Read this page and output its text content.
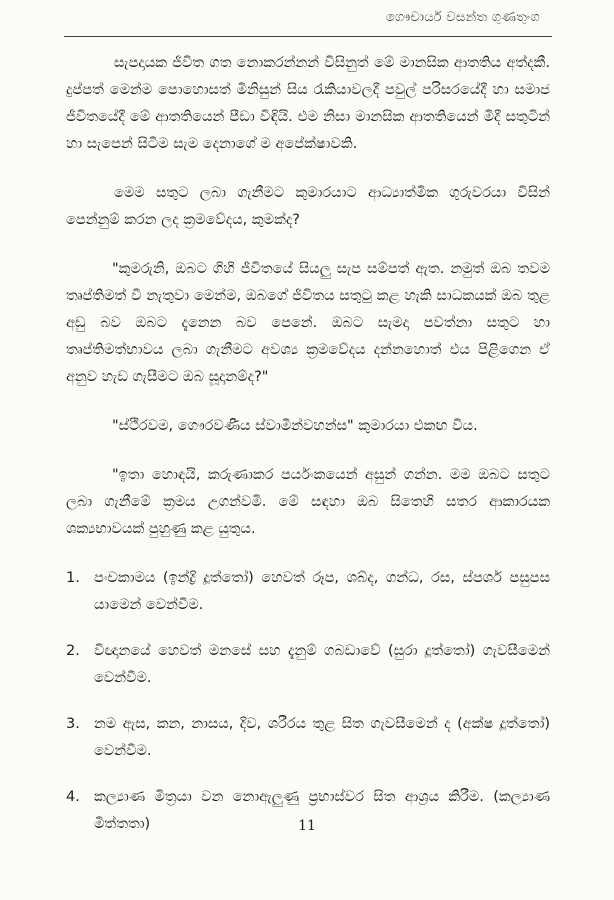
ගෞචාර්ය වසන්ත ගුණතුංග

සැපදායක ජීවිත ගත නොකරන්නන් විසිනුත් මේ මානසික ආතතිය අත්දකී. දුප්පත් මෙන්ම පොහොසත් මිනිසුන් සිය රැකියාවලදී පවුල් පරිසරයේදී හා සමාජ ජීවිතයේදී මේ ආතතියෙන් පීඩා විඳියි. එම නිසා මානසික ආතතියෙන් මිදී සතුටින් හා සැපෙන් සිටීම සැම දෙනාගේ ම අපේක්ෂාවකි.

මෙම සතුට ලබා ගැනීමට කුමාරයාට ආධ්‍යාත්මික ගුරුවරයා විසින් පෙන්නුම් කරන ලද ක්‍රමවේදය, කුමක්ද?

"කුමරුනි, ඔබට ගිහි ජීවිතයේ සියලු සැප සම්පත් ඇත. නමුත් ඔබ තවම තෘප්තිමත් වී නැතුවා මෙන්ම, ඔබගේ ජීවිතය සතුටු කළ හැකි සාධකයක් ඔබ තුළ අඩු බව ඔබට දැනෙන බව පෙනේ. ඔබට සැමදා පවත්නා සතුට හා තෘප්තිමත්භාවය ලබා ගැනීමට අවශ්‍ය ක්‍රමවේදය දන්නහොත් එය පිළිගෙන ඒ අනුව හැඩ ගැසීමට ඔබ සූදානම්ද?"

"ස්ථිරවම, ගෞරවණීය ස්වාමීන්වහන්ස" කුමාරයා එකඟ විය.

"ඉතා හොඳයි, කරුණාකර පර්යංකයෙන් අසුන් ගන්න. මම ඔබට සතුට ලබා ගැනීමේ ක්‍රමය උගන්වමි. මේ සඳහා ඔබ සිතෙහි සතර ආකාරයක ශක්‍යභාවයක් පුහුණු කළ යුතුය.

1. පංචකාමය (ඉන්ද්‍රි දූත්තෝ) හෙවත් රූප, ශබ්ද, ගන්ධ, රස, ස්පර්ශ පසුපස යාමෙන් වෙන්වීම.
2. විඥානයේ හෙවත් මනසේ සහ දැනුම් ගබඩාවේ (සුරා දූත්තෝ) ගැවසීමෙන් වෙන්වීම.
3. නම ඇස, කන, නාසය, දිව, ශරීරය තුළ සිත ගැවසීමෙන් ද (අක්ෂ දූත්තෝ) වෙන්වීම.
4. කල්‍යාණ මිත්‍රයා වන නොඇලුණු ප්‍රභාස්වර සිත ආශ්‍රය කිරීම. (කල්‍යාණ මිත්තතා)	11
